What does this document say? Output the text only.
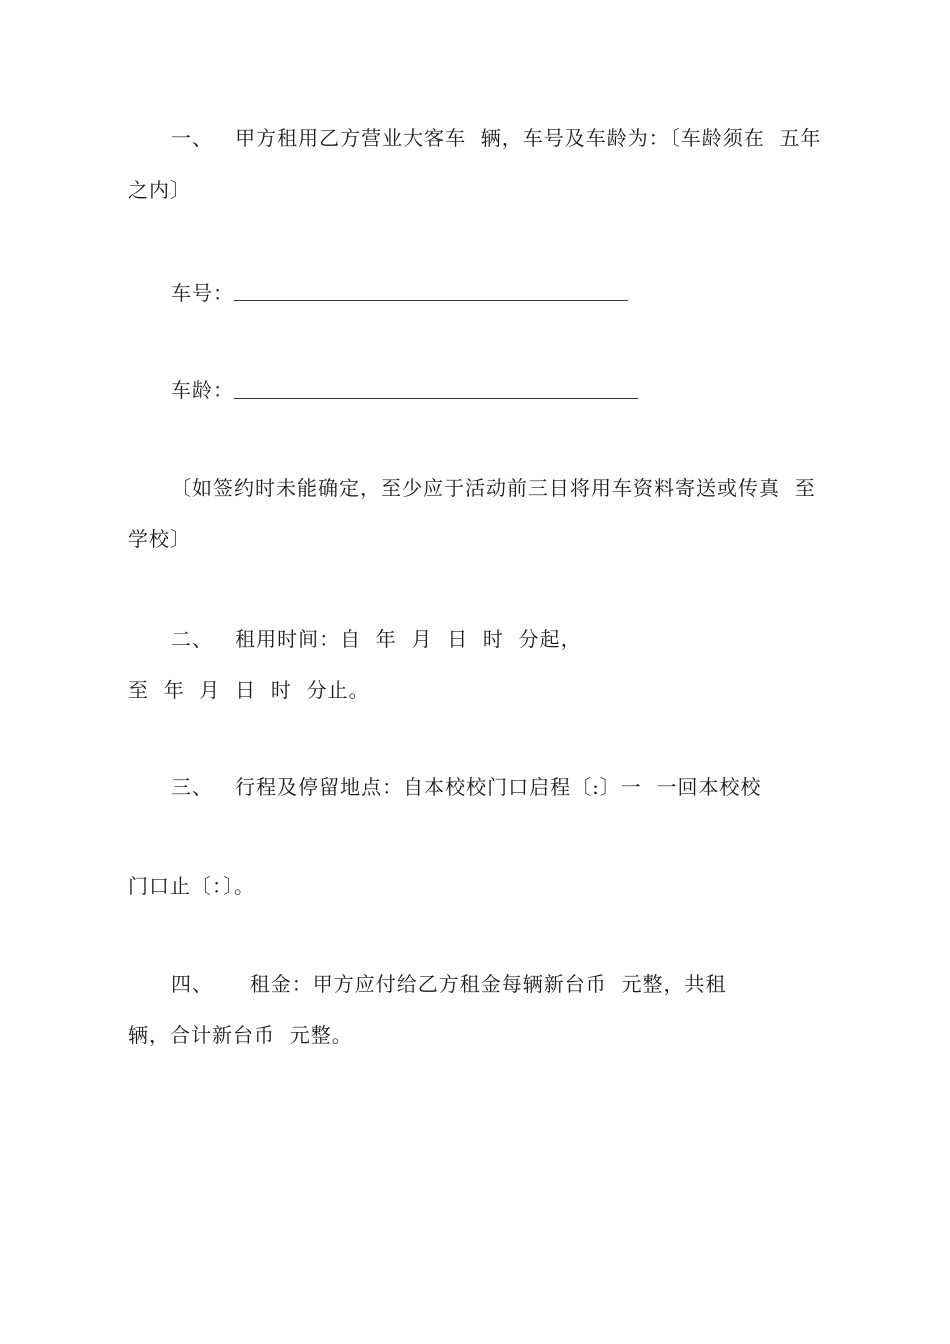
一、   甲方租用乙方营业大客车  辆，车号及车龄为：〔车龄须在  五年
之内〕
车号：
车龄：
〔如签约时未能确定，至少应于活动前三日将用车资料寄送或传真  至
学校〕
二、   租用时间：自  年  月  日  时  分起，
至  年  月  日  时  分止。
三、   行程及停留地点：自本校校门口启程〔:〕一  一回本校校
门口止〔：〕。
四、     租金：甲方应付给乙方租金每辆新台币  元整，共租
辆，合计新台币  元整。
